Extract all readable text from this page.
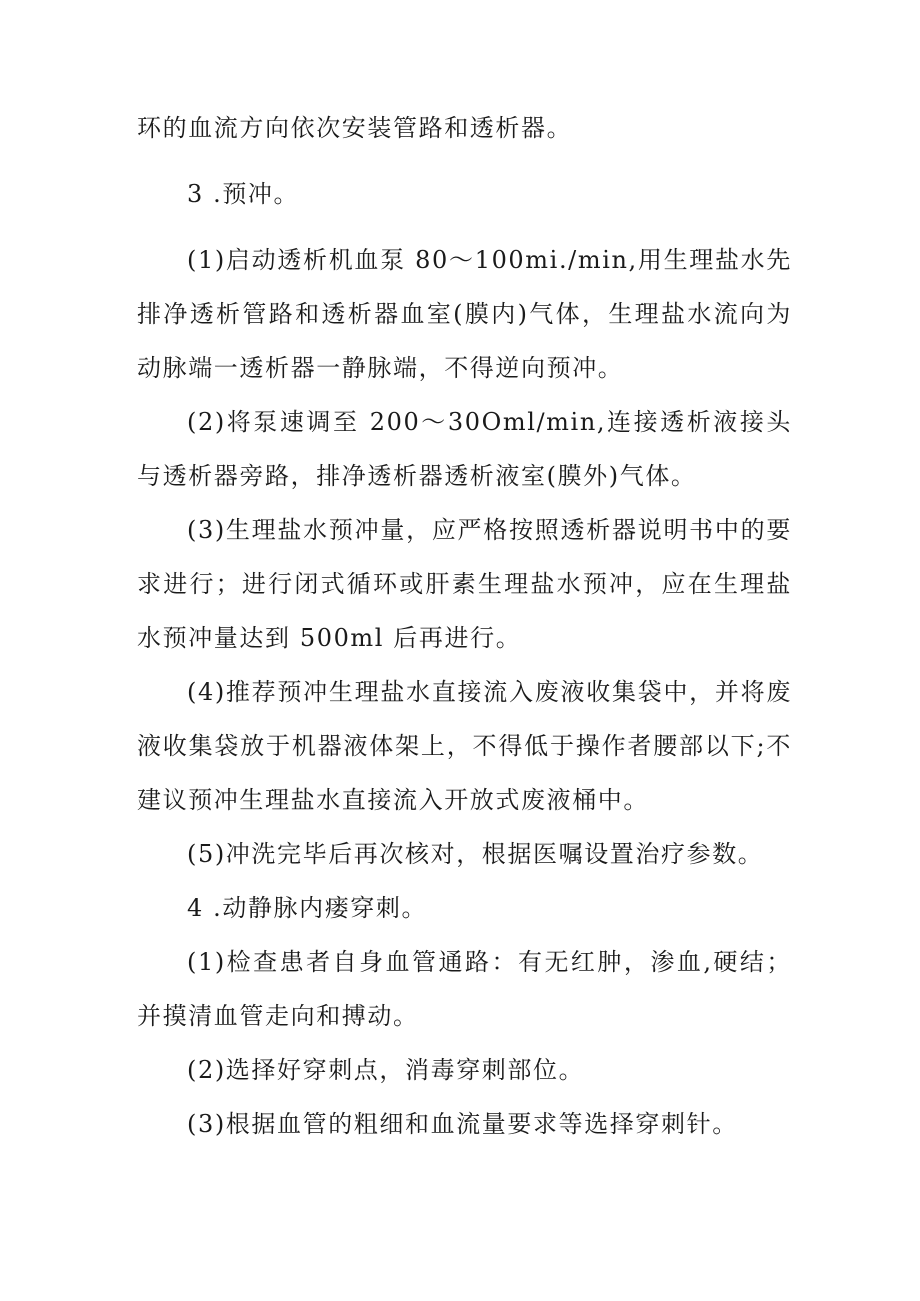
环的血流方向依次安装管路和透析器。

3 .预冲。

(1)启动透析机血泵 80～100mi./min,用生理盐水先排净透析管路和透析器血室(膜内)气体，生理盐水流向为动脉端一透析器一静脉端，不得逆向预冲。

(2)将泵速调至 200～30Oml∕min,连接透析液接头与透析器旁路，排净透析器透析液室(膜外)气体。

(3)生理盐水预冲量，应严格按照透析器说明书中的要求进行；进行闭式循环或肝素生理盐水预冲，应在生理盐水预冲量达到 500ml 后再进行。

(4)推荐预冲生理盐水直接流入废液收集袋中，并将废液收集袋放于机器液体架上，不得低于操作者腰部以下;不建议预冲生理盐水直接流入开放式废液桶中。

(5)冲洗完毕后再次核对，根据医嘱设置治疗参数。

4 .动静脉内瘘穿刺。

(1)检查患者自身血管通路：有无红肿，渗血,硬结；并摸清血管走向和搏动。

(2)选择好穿刺点，消毒穿刺部位。

(3)根据血管的粗细和血流量要求等选择穿刺针。
